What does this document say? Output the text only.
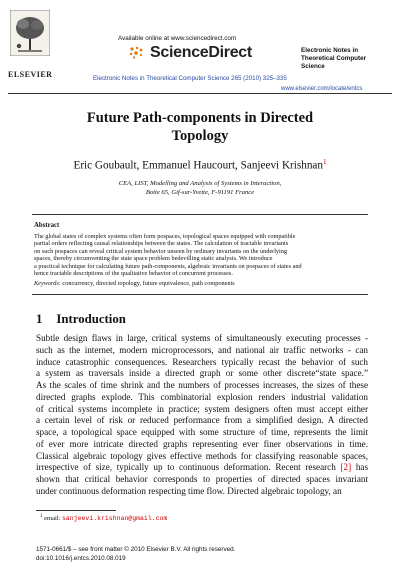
ELSEVIER
Available online at www.sciencedirect.com
ScienceDirect
Electronic Notes in Theoretical Computer Science 265 (2010) 325–335
Electronic Notes in
Theoretical Computer
Science
www.elsevier.com/locate/entcs
Future Path-components in Directed
Topology
Eric Goubault, Emmanuel Haucourt, Sanjeevi Krishnan$^1$
CEA, LIST, Modelling and Analysis of Systems in Interaction,
Boite 65, Gif-sur-Yvette, F-91191 France
Abstract
The global states of complex systems often form pospaces, topological spaces equipped with compatible
partial orders reflecting causal relationships between the states. The calculation of tractable invariants
on such pospaces can reveal critical system behavior unseen by ordinary invariants on the underlying
spaces, thereby circumventing the state space problem bedevilling static analysis. We introduce
a practical technique for calculating future path-components, algebraic invariants on pospaces of states and
hence tractable descriptions of the qualitative behavior of concurrent processes.
Keywords: concurrency, directed topology, future equivalence, path components
1 Introduction
Subtle design flaws in large, critical systems of simultaneously executing processes -
such as the internet, modern microprocessors, and national air traffic networks - can
induce catastrophic consequences. Researchers typically recast the behavior of such
a system as traversals inside a directed graph or some other discrete“state space.”
As the scales of time shrink and the numbers of processes increases, the sizes of these
directed graphs explode. This combinatorial explosion renders industrial validation
of critical systems incomplete in practice; system designers often must accept either
a certain level of risk or reduced performance from a simplified design. A directed
space, a topological space equipped with some structure of time, represents the limit
of ever more intricate directed graphs representing ever finer observations in time.
Classical algebraic topology gives effective methods for classifying reasonable spaces,
irrespective of size, typically up to continuous deformation. Recent research [2] has
shown that critical behavior corresponds to properties of directed spaces invariant
under continuous deformation respecting time flow. Directed algebraic topology, an
$^1$ email: sanjeevi.krishnan@gmail.com
1571-0661/$ – see front matter © 2010 Elsevier B.V. All rights reserved.
doi:10.1016/j.entcs.2010.08.019
